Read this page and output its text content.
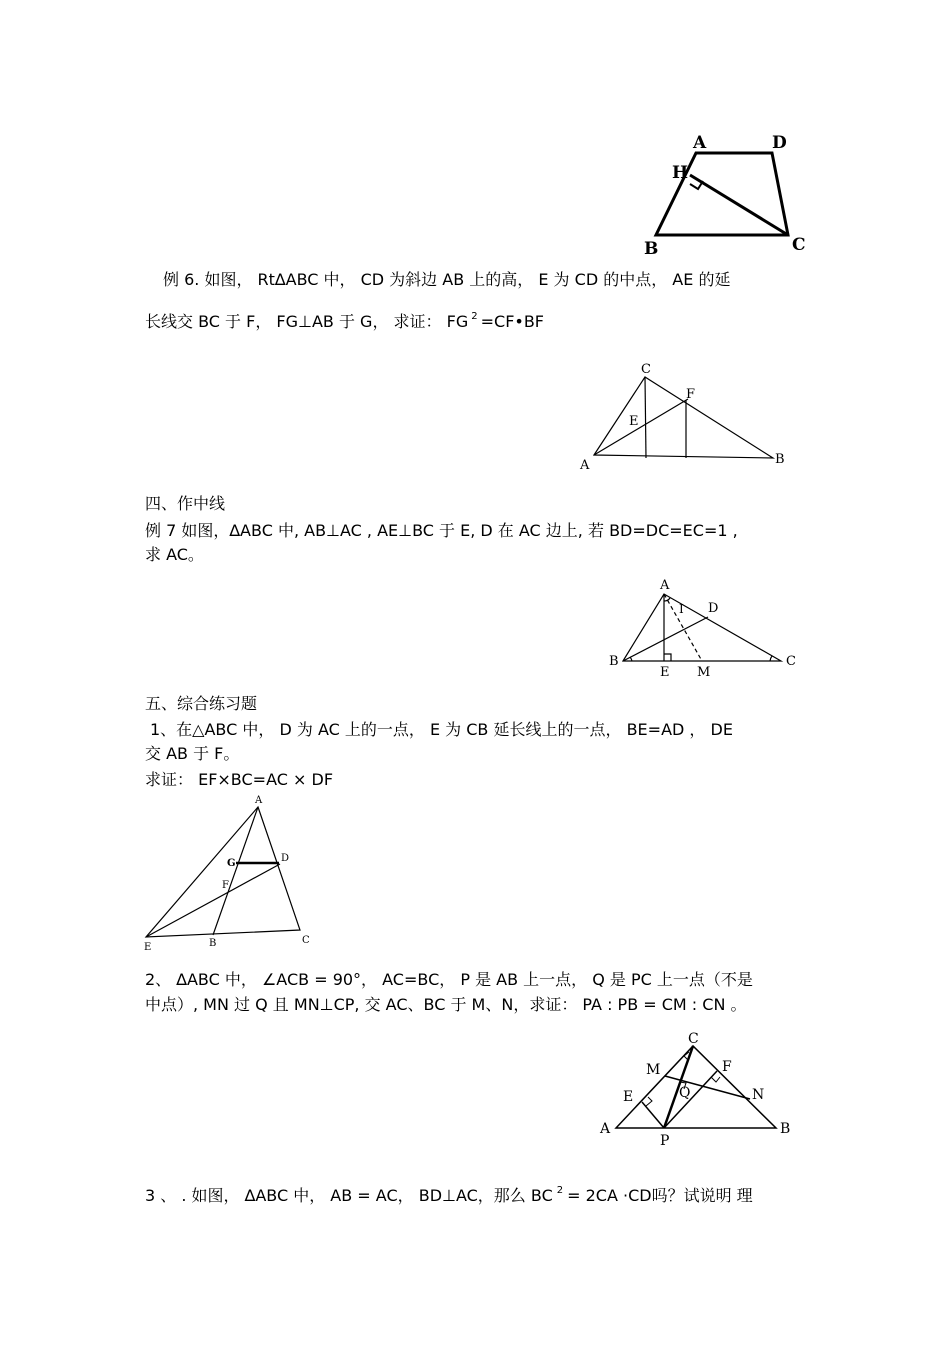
A	D
H
B	C
例 6. 如图， Rt∆ABC 中， CD 为斜边 AB 上的高， E 为 CD 的中点， AE 的延
长线交 BC 于 F， FG⊥AB 于 G， 求证： FG $^2$ =CF•BF
C
F
E
A	B
四、作中线
例 7 如图，∆ABC 中, AB⊥AC , AE⊥BC 于 E, D 在 AC 边上, 若 BD=DC=EC=1 ,
求 AC。
A
D
I
B
E M
C
五、综合练习题
1、在△ABC 中， D 为 AC 上的一点， E 为 CB 延长线上的一点， BE=AD ， DE
交 AB 于 F。
求证： EF×BC=AC × DF
A
G	D
F
E	B	C
2、 ∆ABC 中， ∠ACB = 90°， AC=BC， P 是 AB 上一点， Q 是 PC 上一点（不是
中点）, MN 过 Q 且 MN⊥CP, 交 AC、BC 于 M、N，求证： PA : PB = CM : CN 。
C
M	F
E	Q	N
A
P
B
3 、 . 如图， ∆ABC 中， AB = AC， BD⊥AC，那么 BC $^2$ = 2CA ·CD吗？试说明 理
